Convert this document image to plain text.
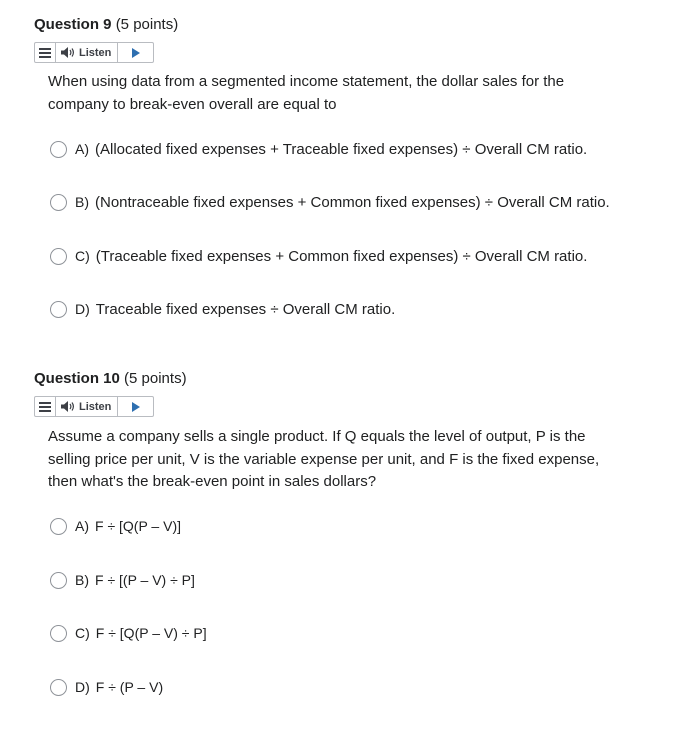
Question 9 (5 points)
Listen
When using data from a segmented income statement, the dollar sales for the company to break-even overall are equal to
A) (Allocated fixed expenses + Traceable fixed expenses) ÷ Overall CM ratio.
B) (Nontraceable fixed expenses + Common fixed expenses) ÷ Overall CM ratio.
C) (Traceable fixed expenses + Common fixed expenses) ÷ Overall CM ratio.
D) Traceable fixed expenses ÷ Overall CM ratio.
Question 10 (5 points)
Listen
Assume a company sells a single product. If Q equals the level of output, P is the selling price per unit, V is the variable expense per unit, and F is the fixed expense, then what's the break-even point in sales dollars?
A) F ÷ [Q(P – V)]
B) F ÷ [(P – V) ÷ P]
C) F ÷ [Q(P – V) ÷ P]
D) F ÷ (P – V)
